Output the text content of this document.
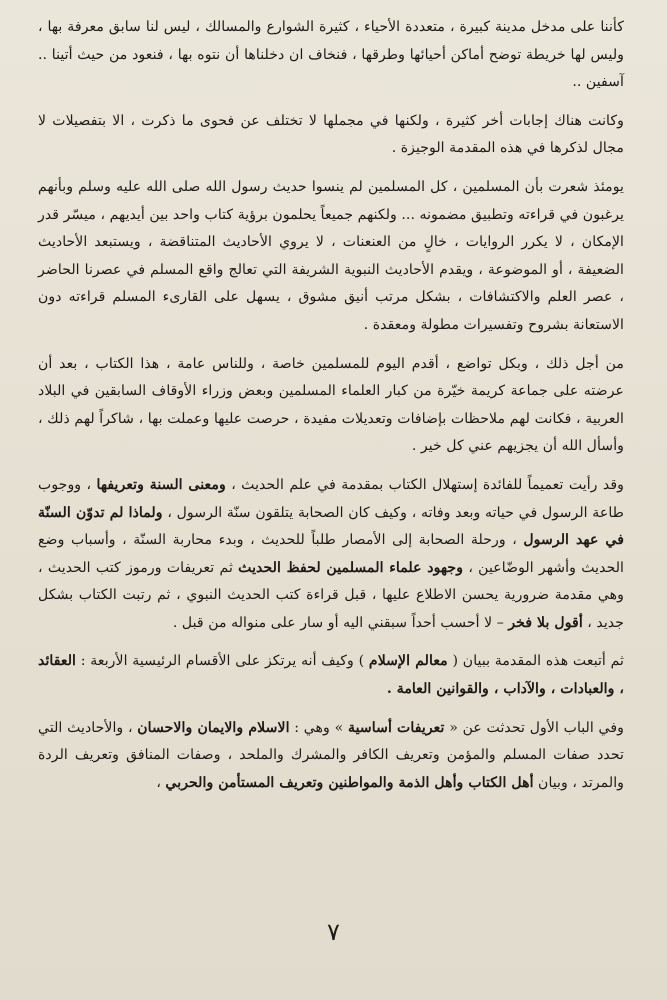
كأننا على مدخل مدينة كبيرة ، متعددة الأحياء ، كثيرة الشوارع والمسالك ، ليس لنا سابق معرفة بها ، وليس لها خريطة توضح أماكن أحيائها وطرقها ، فنخاف ان دخلناها أن نتوه بها ، فنعود من حيث أتينا .. آسفين ..

وكانت هناك إجابات أخر كثيرة ، ولكنها في مجملها لا تختلف عن فحوى ما ذكرت ، الا بتفصيلات لا مجال لذكرها في هذه المقدمة الوجيزة .

يومئذ شعرت بأن المسلمين ، كل المسلمين لم ينسوا حديث رسول الله صلى الله عليه وسلم وبأنهم يرغبون في قراءته وتطبيق مضمونه ... ولكنهم جميعاً يحلمون برؤية كتاب واحد بين أيديهم ، ميسّر قدر الإمكان ، لا يكرر الروايات ، خالٍ من العنعنات ، لا يروي الأحاديث المتناقضة ، ويستبعد الأحاديث الضعيفة ، أو الموضوعة ، ويقدم الأحاديث النبوية الشريفة التي تعالج واقع المسلم في عصرنا الحاضر ، عصر العلم والاكتشافات ، بشكل مرتب أنيق مشوق ، يسهل على القارىء المسلم قراءته دون الاستعانة بشروح وتفسيرات مطولة ومعقدة .

من أجل ذلك ، وبكل تواضع ، أقدم اليوم للمسلمين خاصة ، وللناس عامة ، هذا الكتاب ، بعد أن عرضته على جماعة كريمة خيّرة من كبار العلماء المسلمين وبعض وزراء الأوقاف السابقين في البلاد العربية ، فكانت لهم ملاحظات بإضافات وتعديلات مفيدة ، حرصت عليها وعملت بها ، شاكراً لهم ذلك ، وأسأل الله أن يجزيهم عني كل خير .

وقد رأيت تعميماً للفائدة إستهلال الكتاب بمقدمة في علم الحديث ، ومعنى السنة وتعريفها ، ووجوب طاعة الرسول في حياته وبعد وفاته ، وكيف كان الصحابة يتلقون سنّة الرسول ، ولماذا لم تدوّن السنّة في عهد الرسول ، ورحلة الصحابة إلى الأمصار طلباً للحديث ، وبدء محاربة السنّة ، وأسباب وضع الحديث وأشهر الوضّاعين ، وجهود علماء المسلمين لحفظ الحديث ثم تعريفات ورموز كتب الحديث ، وهي مقدمة ضرورية يحسن الاطلاع عليها ، قبل قراءة كتب الحديث النبوي ، ثم رتبت الكتاب بشكل جديد ، أقول بلا فخر – لا أحسب أحداً سبقني اليه أو سار على منواله من قبل .

ثم أتبعت هذه المقدمة ببيان ( معالم الإسلام ) وكيف أنه يرتكز على الأقسام الرئيسية الأربعة : العقائد ، والعبادات ، والآداب ، والقوانين العامة .

وفي الباب الأول تحدثت عن « تعريفات أساسية » وهي : الاسلام والايمان والاحسان ، والأحاديث التي تحدد صفات المسلم والمؤمن وتعريف الكافر والمشرك والملحد ، وصفات المنافق وتعريف الردة والمرتد ، وبيان أهل الكتاب وأهل الذمة والمواطنين وتعريف المستأمن والحربي ،

٧
